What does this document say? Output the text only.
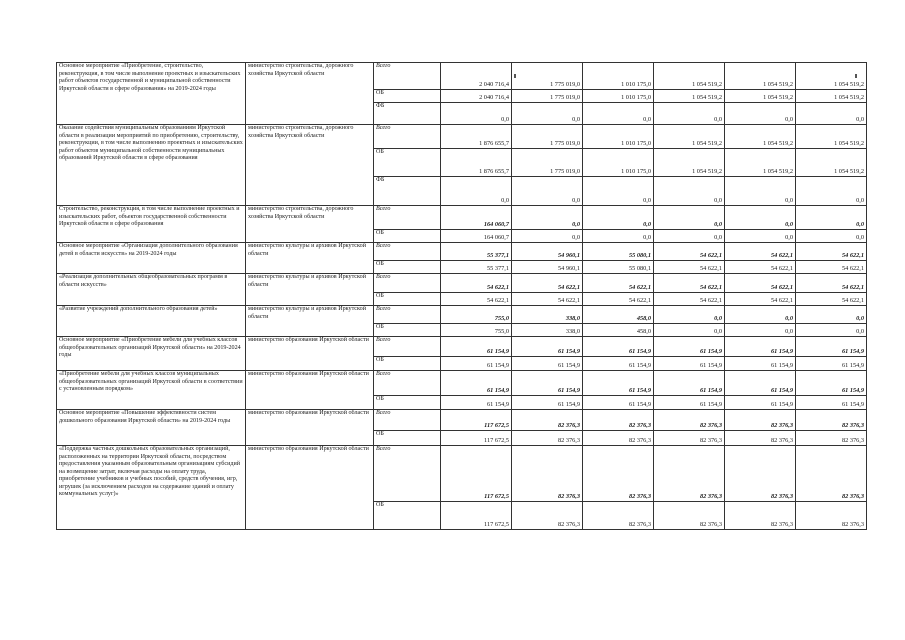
Основное мероприятие «Приобретение, строительство, реконструкция, в том числе выполнение проектных и изыскательских работ объектов государственной и муниципальной собственности Иркутской области в сфере образования» на 2019-2024 годы	министерство строительства, дорожного хозяйства Иркутской области	Всего	2 040 716,4	1 775 019,0	1 010 175,0	1 054 519,2	1 054 519,2	1 054 519,2
		ОБ	2 040 716,4	1 775 019,0	1 010 175,0	1 054 519,2	1 054 519,2	1 054 519,2
		ФБ	0,0	0,0	0,0	0,0	0,0	0,0
Оказание содействия муниципальным образованиям Иркутской области в реализации мероприятий по приобретению, строительству, реконструкции, в том числе выполнению проектных и изыскательских работ объектов муниципальной собственности муниципальных образований Иркутской области в сфере образования	министерство строительства, дорожного хозяйства Иркутской области	Всего	1 876 655,7	1 775 019,0	1 010 175,0	1 054 519,2	1 054 519,2	1 054 519,2
		ОБ	1 876 655,7	1 775 019,0	1 010 175,0	1 054 519,2	1 054 519,2	1 054 519,2
		ФБ	0,0	0,0	0,0	0,0	0,0	0,0
Строительство, реконструкция, в том числе выполнение проектных и изыскательских работ, объектов государственной собственности Иркутской области в сфере образования	министерство строительства, дорожного хозяйства Иркутской области	Всего	164 060,7	0,0	0,0	0,0	0,0	0,0
		ОБ	164 060,7	0,0	0,0	0,0	0,0	0,0
Основное мероприятие «Организация дополнительного образования детей в области искусств» на 2019-2024 годы	министерство культуры и архивов Иркутской области	Всего	55 377,1	54 960,1	55 080,1	54 622,1	54 622,1	54 622,1
		ОБ	55 377,1	54 960,1	55 080,1	54 622,1	54 622,1	54 622,1
«Реализация дополнительных общеобразовательных программ в области искусств»	министерство культуры и архивов Иркутской области	Всего	54 622,1	54 622,1	54 622,1	54 622,1	54 622,1	54 622,1
		ОБ	54 622,1	54 622,1	54 622,1	54 622,1	54 622,1	54 622,1
«Развитие учреждений дополнительного образования детей»	министерство культуры и архивов Иркутской области	Всего	755,0	338,0	458,0	0,0	0,0	0,0
		ОБ	755,0	338,0	458,0	0,0	0,0	0,0
Основное мероприятие «Приобретение мебели для учебных классов общеобразовательных организаций Иркутской области» на 2019-2024 годы	министерство образования Иркутской области	Всего	61 154,9	61 154,9	61 154,9	61 154,9	61 154,9	61 154,9
		ОБ	61 154,9	61 154,9	61 154,9	61 154,9	61 154,9	61 154,9
«Приобретение мебели для учебных классов муниципальных общеобразовательных организаций Иркутской области в соответствии с установленным порядком»	министерство образования Иркутской области	Всего	61 154,9	61 154,9	61 154,9	61 154,9	61 154,9	61 154,9
		ОБ	61 154,9	61 154,9	61 154,9	61 154,9	61 154,9	61 154,9
Основное мероприятие «Повышение эффективности систем дошкольного образования Иркутской области» на 2019-2024 годы	министерство образования Иркутской области	Всего	117 672,5	82 376,3	82 376,3	82 376,3	82 376,3	82 376,3
		ОБ	117 672,5	82 376,3	82 376,3	82 376,3	82 376,3	82 376,3
«Поддержка частных дошкольных образовательных организаций, расположенных на территории Иркутской области, посредством предоставления указанным образовательным организациям субсидий на возмещение затрат, включая расходы на оплату труда, приобретение учебников и учебных пособий, средств обучения, игр, игрушек (за исключением расходов на содержание зданий и оплату коммунальных услуг)»	министерство образования Иркутской области	Всего	117 672,5	82 376,3	82 376,3	82 376,3	82 376,3	82 376,3
		ОБ	117 672,5	82 376,3	82 376,3	82 376,3	82 376,3	82 376,3
